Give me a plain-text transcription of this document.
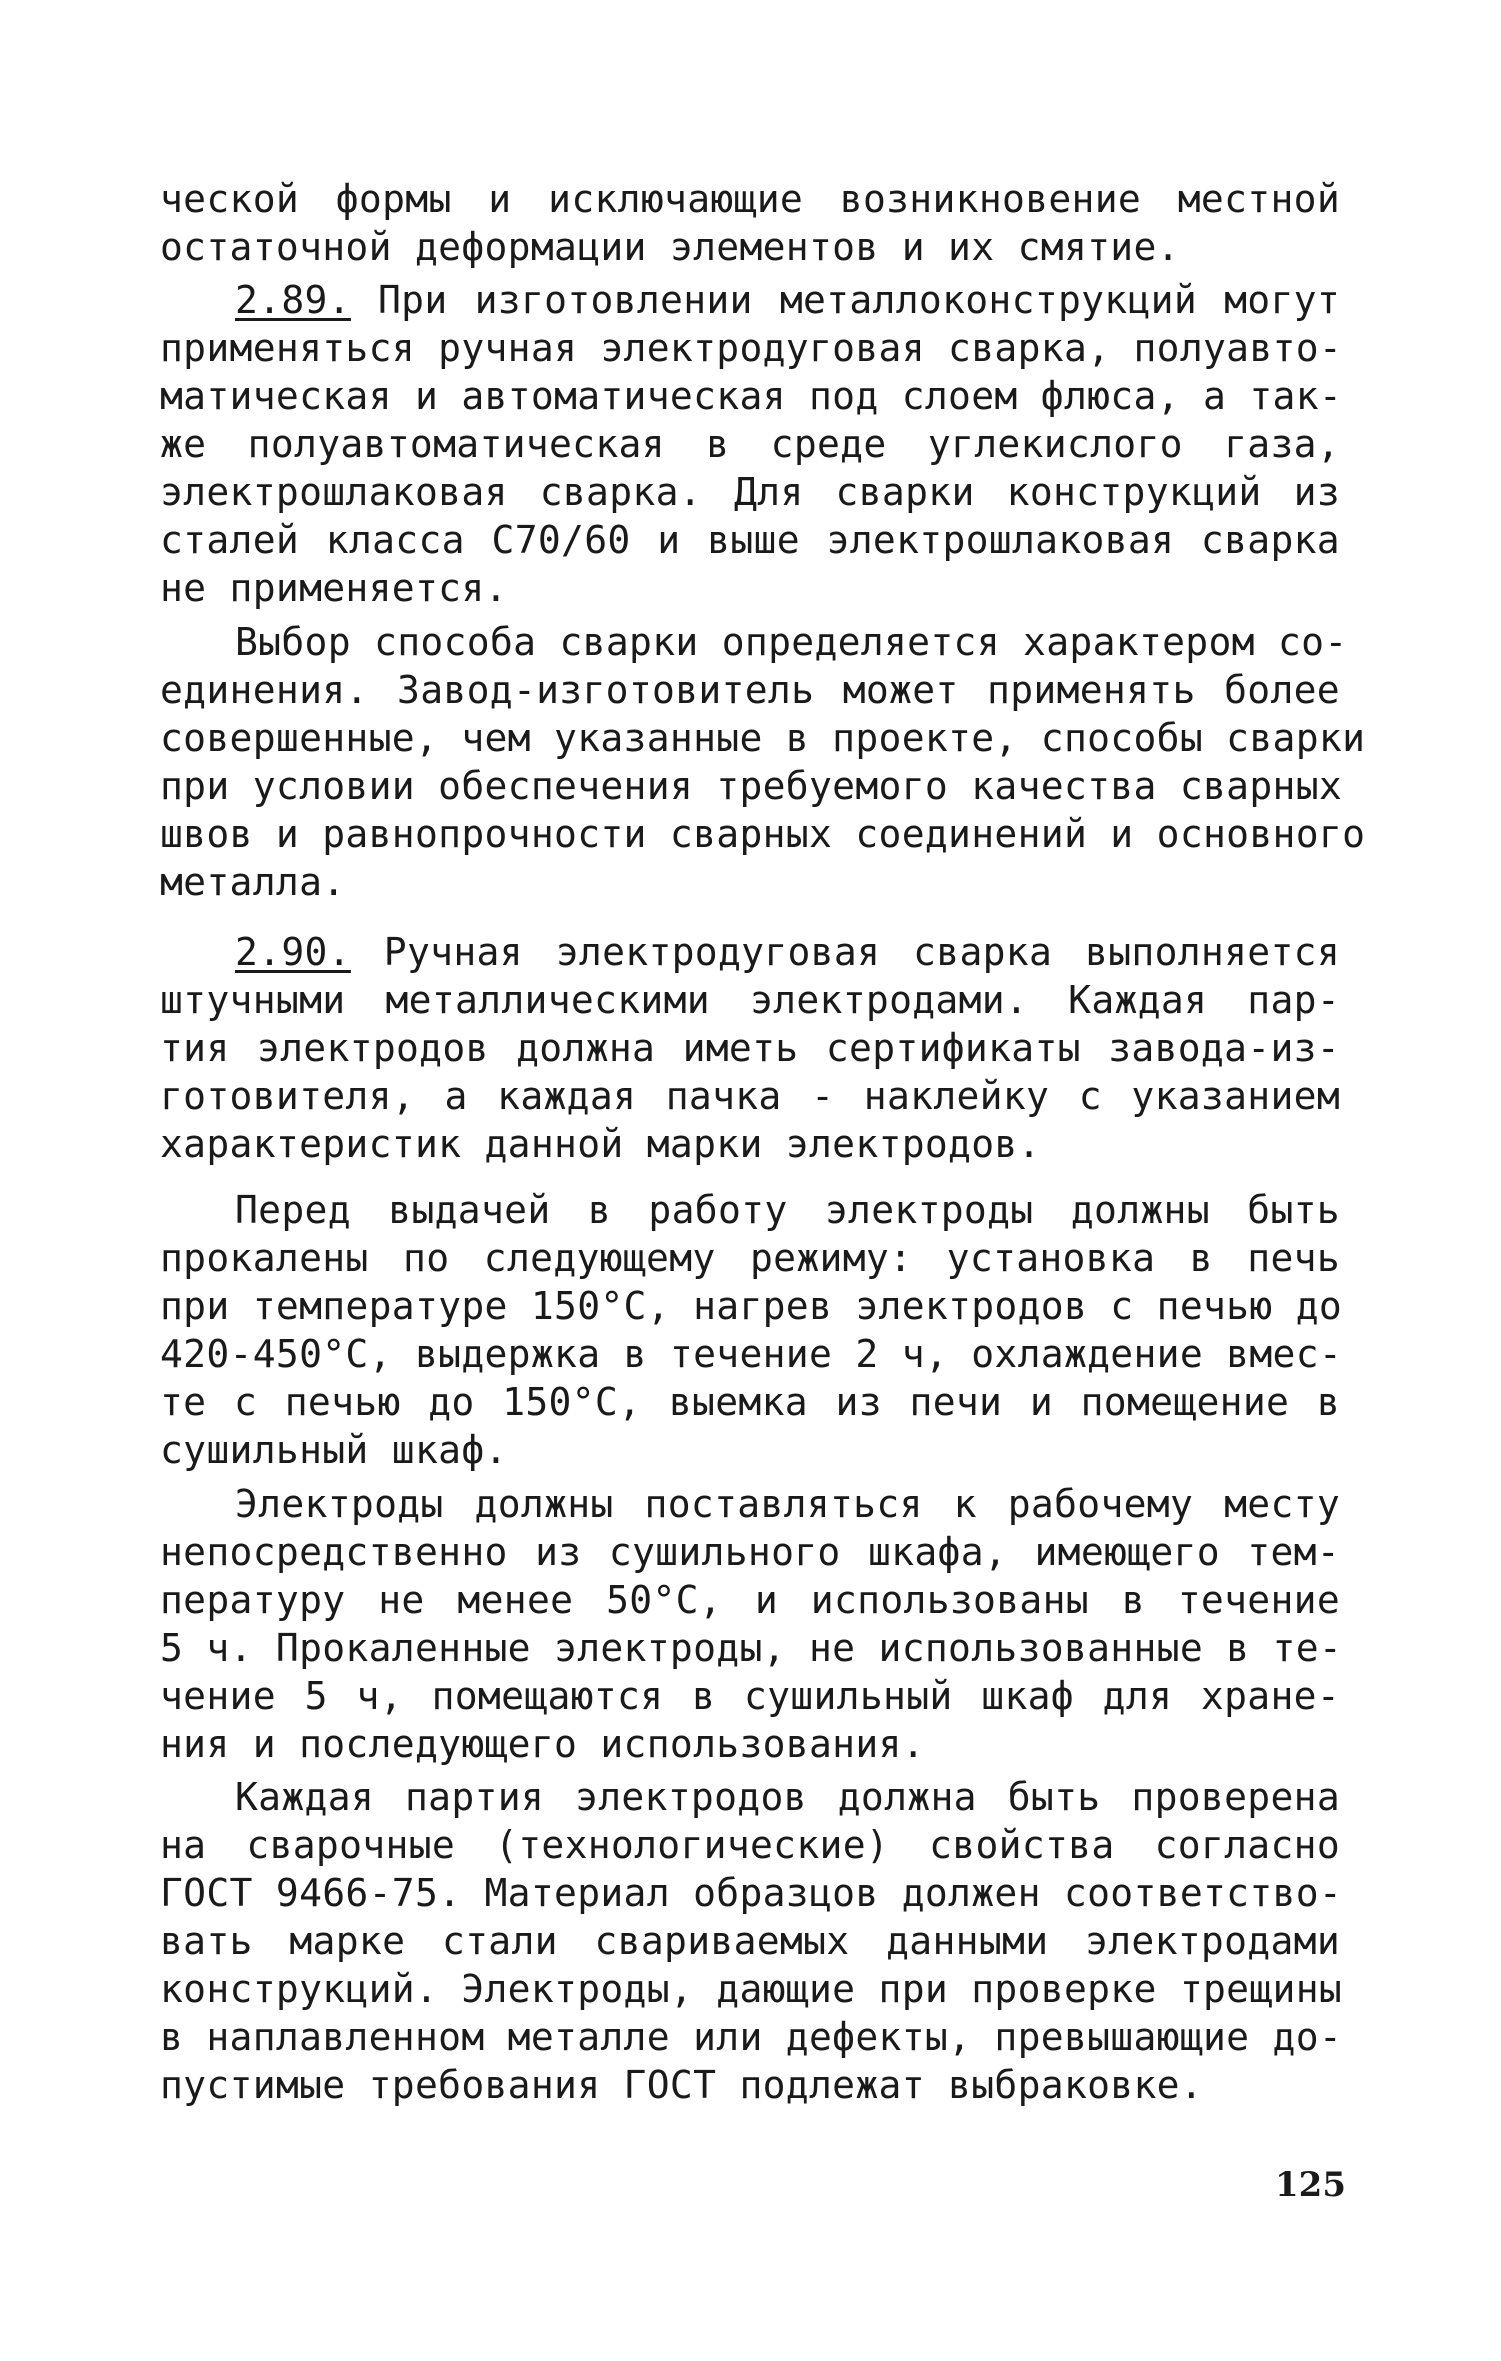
ческой формы и исключающие возникновение местной
остаточной деформации элементов и их смятие.
2.89. При изготовлении металлоконструкций могут
применяться ручная электродуговая сварка, полуавто-
матическая и автоматическая под слоем флюса, а так-
же полуавтоматическая в среде углекислого газа,
электрошлаковая сварка. Для сварки конструкций из
сталей класса С70/60 и выше электрошлаковая сварка
не применяется.
Выбор способа сварки определяется характером со-
единения. Завод-изготовитель может применять более
совершенные, чем указанные в проекте, способы сварки
при условии обеспечения требуемого качества сварных
швов и равнопрочности сварных соединений и основного
металла.
2.90. Ручная электродуговая сварка выполняется
штучными металлическими электродами. Каждая пар-
тия электродов должна иметь сертификаты завода-из-
готовителя, а каждая пачка - наклейку с указанием
характеристик данной марки электродов.
Перед выдачей в работу электроды должны быть
прокалены по следующему режиму: установка в печь
при температуре 150°С, нагрев электродов с печью до
420-450°С, выдержка в течение 2 ч, охлаждение вмес-
те с печью до 150°С, выемка из печи и помещение в
сушильный шкаф.
Электроды должны поставляться к рабочему месту
непосредственно из сушильного шкафа, имеющего тем-
пературу не менее 50°С, и использованы в течение
5 ч. Прокаленные электроды, не использованные в те-
чение 5 ч, помещаются в сушильный шкаф для хране-
ния и последующего использования.
Каждая партия электродов должна быть проверена
на сварочные (технологические) свойства согласно
ГОСТ 9466-75. Материал образцов должен соответство-
вать марке стали свариваемых данными электродами
конструкций. Электроды, дающие при проверке трещины
в наплавленном металле или дефекты, превышающие до-
пустимые требования ГОСТ подлежат выбраковке.
125
